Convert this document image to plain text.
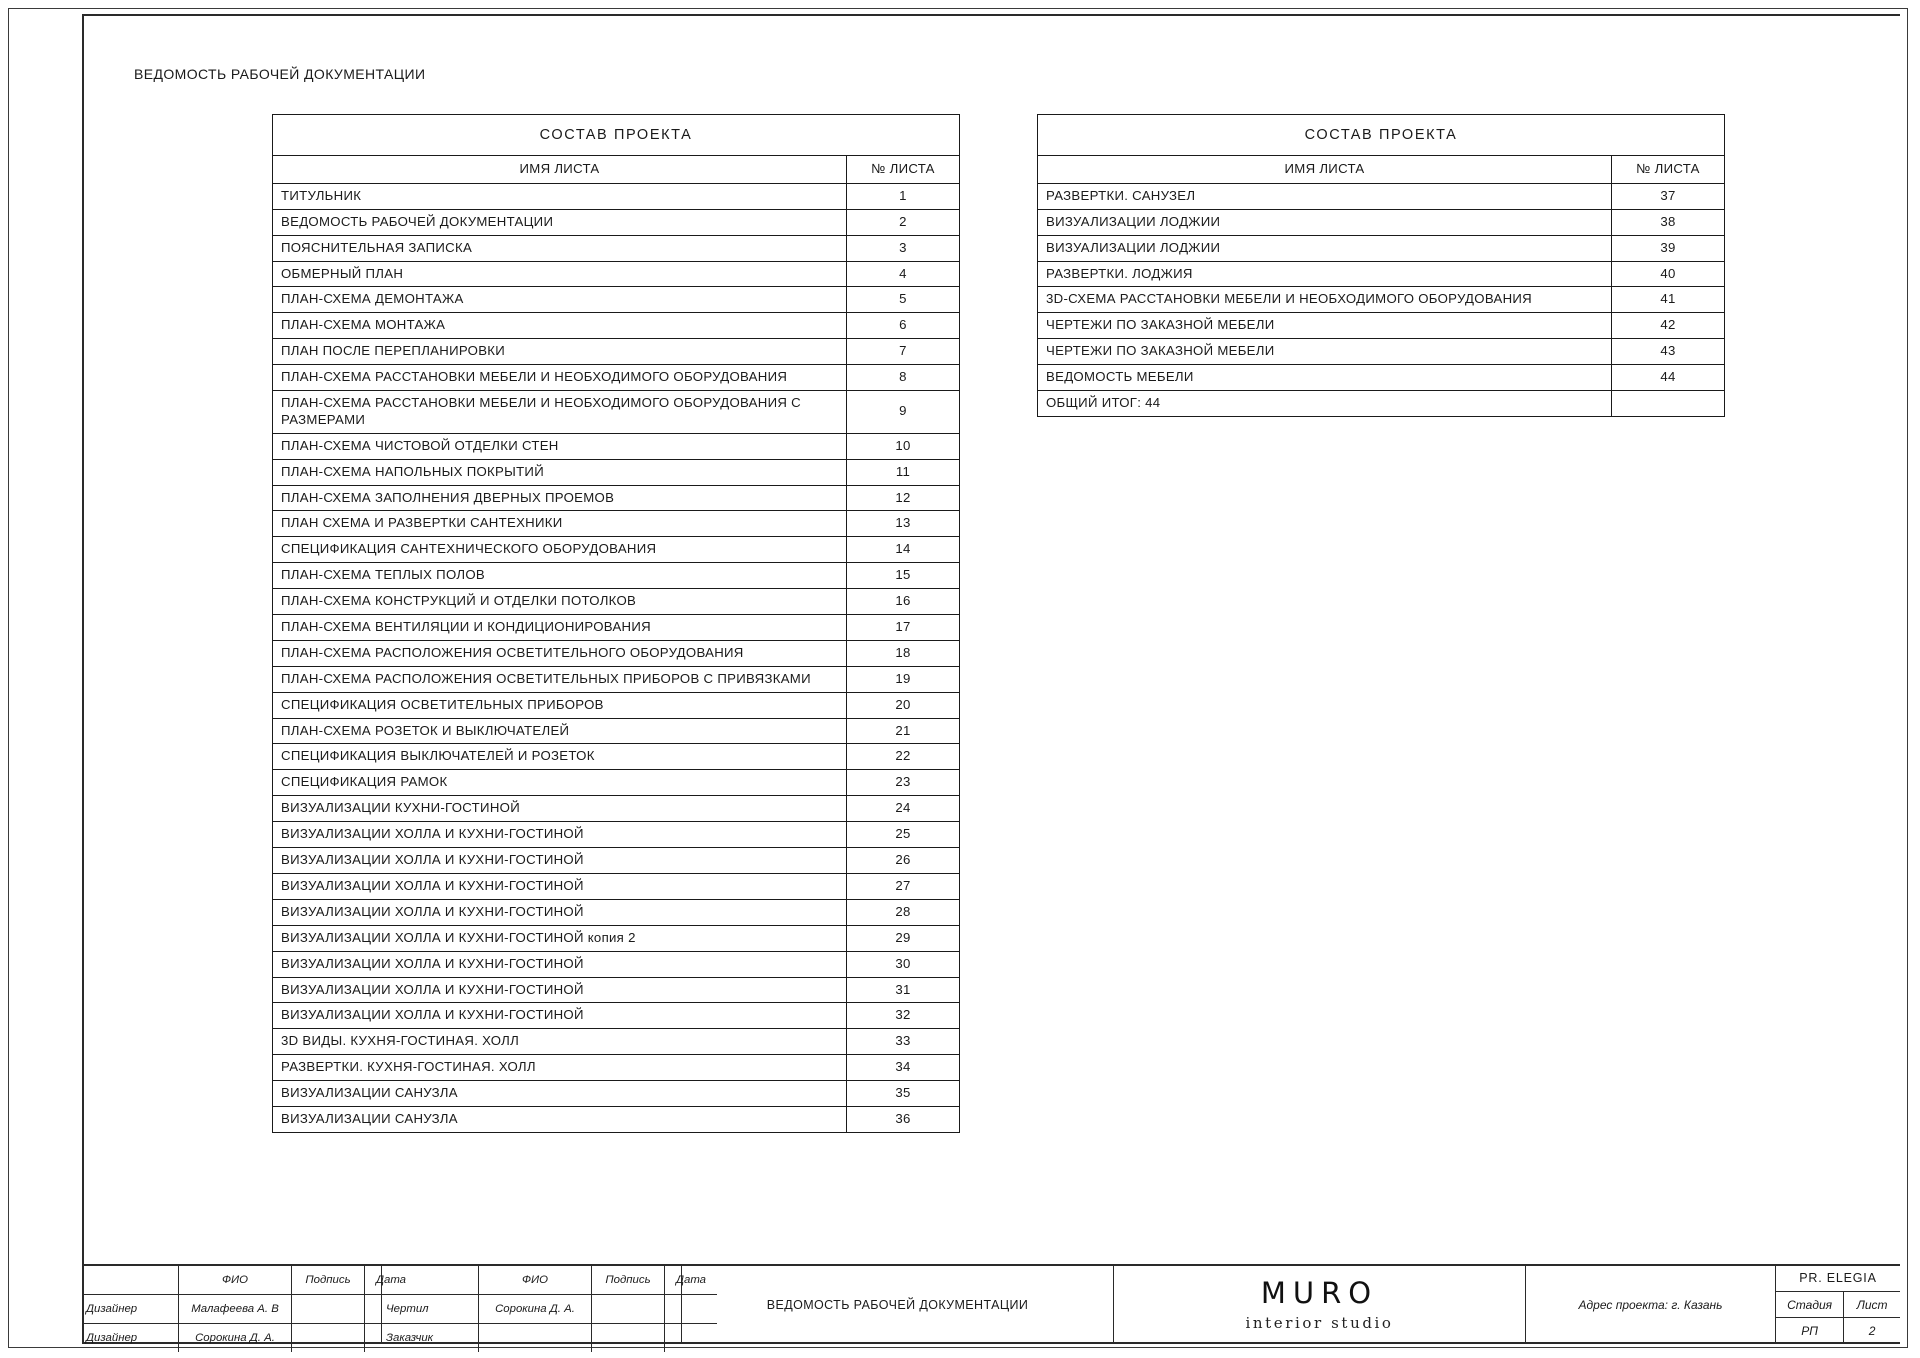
ВЕДОМОСТЬ РАБОЧЕЙ ДОКУМЕНТАЦИИ
СОСТАВ ПРОЕКТА
ИМЯ ЛИСТА	№ ЛИСТА
ТИТУЛЬНИК	1
ВЕДОМОСТЬ РАБОЧЕЙ ДОКУМЕНТАЦИИ	2
ПОЯСНИТЕЛЬНАЯ ЗАПИСКА	3
ОБМЕРНЫЙ ПЛАН	4
ПЛАН-СХЕМА ДЕМОНТАЖА	5
ПЛАН-СХЕМА МОНТАЖА	6
ПЛАН ПОСЛЕ ПЕРЕПЛАНИРОВКИ	7
ПЛАН-СХЕМА РАССТАНОВКИ МЕБЕЛИ И НЕОБХОДИМОГО ОБОРУДОВАНИЯ	8
ПЛАН-СХЕМА РАССТАНОВКИ МЕБЕЛИ И НЕОБХОДИМОГО ОБОРУДОВАНИЯ С РАЗМЕРАМИ	9
ПЛАН-СХЕМА ЧИСТОВОЙ ОТДЕЛКИ СТЕН	10
ПЛАН-СХЕМА НАПОЛЬНЫХ ПОКРЫТИЙ	11
ПЛАН-СХЕМА ЗАПОЛНЕНИЯ ДВЕРНЫХ ПРОЕМОВ	12
ПЛАН СХЕМА И РАЗВЕРТКИ САНТЕХНИКИ	13
СПЕЦИФИКАЦИЯ САНТЕХНИЧЕСКОГО ОБОРУДОВАНИЯ	14
ПЛАН-СХЕМА ТЕПЛЫХ ПОЛОВ	15
ПЛАН-СХЕМА КОНСТРУКЦИЙ И ОТДЕЛКИ ПОТОЛКОВ	16
ПЛАН-СХЕМА ВЕНТИЛЯЦИИ И КОНДИЦИОНИРОВАНИЯ	17
ПЛАН-СХЕМА РАСПОЛОЖЕНИЯ ОСВЕТИТЕЛЬНОГО ОБОРУДОВАНИЯ	18
ПЛАН-СХЕМА РАСПОЛОЖЕНИЯ ОСВЕТИТЕЛЬНЫХ ПРИБОРОВ С ПРИВЯЗКАМИ	19
СПЕЦИФИКАЦИЯ ОСВЕТИТЕЛЬНЫХ ПРИБОРОВ	20
ПЛАН-СХЕМА РОЗЕТОК И ВЫКЛЮЧАТЕЛЕЙ	21
СПЕЦИФИКАЦИЯ ВЫКЛЮЧАТЕЛЕЙ И РОЗЕТОК	22
СПЕЦИФИКАЦИЯ РАМОК	23
ВИЗУАЛИЗАЦИИ КУХНИ-ГОСТИНОЙ	24
ВИЗУАЛИЗАЦИИ ХОЛЛА И КУХНИ-ГОСТИНОЙ	25
ВИЗУАЛИЗАЦИИ ХОЛЛА И КУХНИ-ГОСТИНОЙ	26
ВИЗУАЛИЗАЦИИ ХОЛЛА И КУХНИ-ГОСТИНОЙ	27
ВИЗУАЛИЗАЦИИ ХОЛЛА И КУХНИ-ГОСТИНОЙ	28
ВИЗУАЛИЗАЦИИ ХОЛЛА И КУХНИ-ГОСТИНОЙ копия 2	29
ВИЗУАЛИЗАЦИИ ХОЛЛА И КУХНИ-ГОСТИНОЙ	30
ВИЗУАЛИЗАЦИИ ХОЛЛА И КУХНИ-ГОСТИНОЙ	31
ВИЗУАЛИЗАЦИИ ХОЛЛА И КУХНИ-ГОСТИНОЙ	32
3D ВИДЫ. КУХНЯ-ГОСТИНАЯ. ХОЛЛ	33
РАЗВЕРТКИ. КУХНЯ-ГОСТИНАЯ. ХОЛЛ	34
ВИЗУАЛИЗАЦИИ САНУЗЛА	35
ВИЗУАЛИЗАЦИИ САНУЗЛА	36
СОСТАВ ПРОЕКТА
ИМЯ ЛИСТА	№ ЛИСТА
РАЗВЕРТКИ. САНУЗЕЛ	37
ВИЗУАЛИЗАЦИИ ЛОДЖИИ	38
ВИЗУАЛИЗАЦИИ ЛОДЖИИ	39
РАЗВЕРТКИ. ЛОДЖИЯ	40
3D-СХЕМА РАССТАНОВКИ МЕБЕЛИ И НЕОБХОДИМОГО ОБОРУДОВАНИЯ	41
ЧЕРТЕЖИ ПО ЗАКАЗНОЙ МЕБЕЛИ	42
ЧЕРТЕЖИ ПО ЗАКАЗНОЙ МЕБЕЛИ	43
ВЕДОМОСТЬ МЕБЕЛИ	44
ОБЩИЙ ИТОГ: 44	
	ФИО	Подпись	Дата
Дизайнер	Малафеева А. В		
Дизайнер	Сорокина Д. А.		
	ФИО	Подпись	Дата
Чертил	Сорокина Д. А.		
Заказчик			
ВЕДОМОСТЬ РАБОЧЕЙ ДОКУМЕНТАЦИИ	MURO
interior studio
Адрес проекта: г. Казань
PR. ELEGIA
Стадия	Лист
РП	2
